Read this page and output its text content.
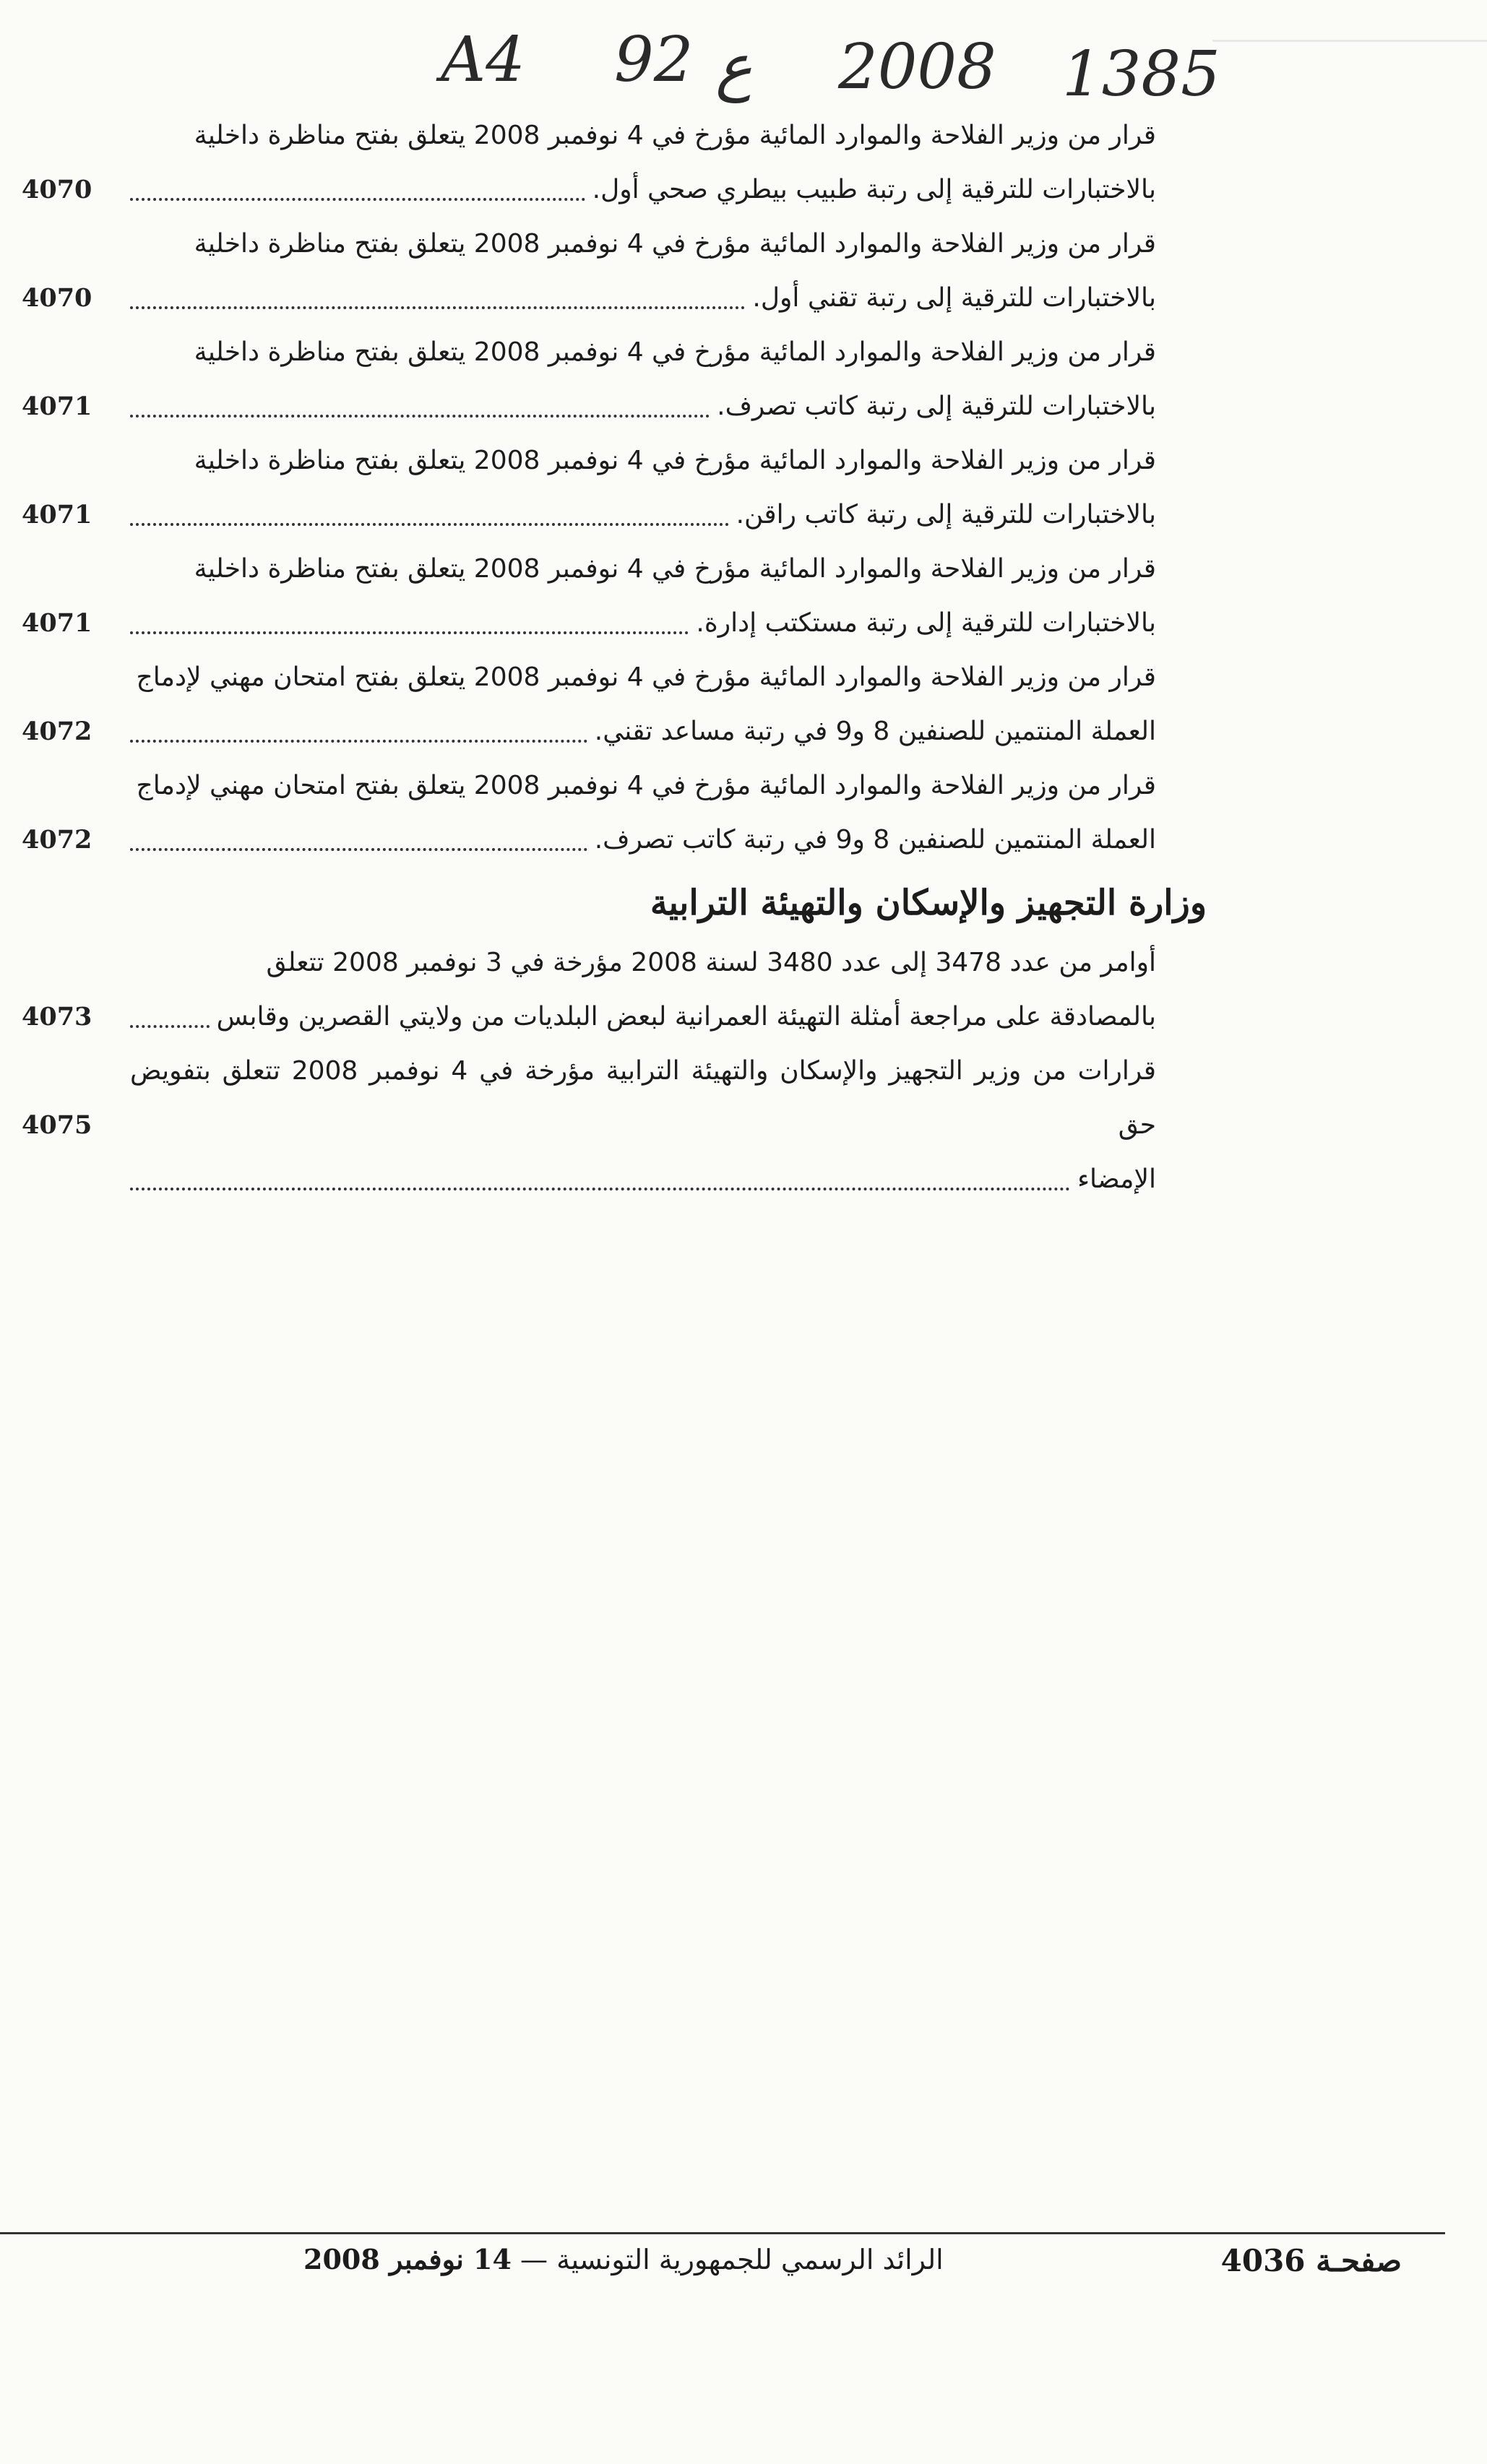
A4 92 ع 2008 1385
4070
قرار من وزير الفلاحة والموارد المائية مؤرخ في 4 نوفمبر 2008 يتعلق بفتح مناظرة داخلية
بالاختبارات للترقية إلى رتبة طبيب بيطري صحي أول.
4070
قرار من وزير الفلاحة والموارد المائية مؤرخ في 4 نوفمبر 2008 يتعلق بفتح مناظرة داخلية
بالاختبارات للترقية إلى رتبة تقني أول.
4071
قرار من وزير الفلاحة والموارد المائية مؤرخ في 4 نوفمبر 2008 يتعلق بفتح مناظرة داخلية
بالاختبارات للترقية إلى رتبة كاتب تصرف.
4071
قرار من وزير الفلاحة والموارد المائية مؤرخ في 4 نوفمبر 2008 يتعلق بفتح مناظرة داخلية
بالاختبارات للترقية إلى رتبة كاتب راقن.
4071
قرار من وزير الفلاحة والموارد المائية مؤرخ في 4 نوفمبر 2008 يتعلق بفتح مناظرة داخلية
بالاختبارات للترقية إلى رتبة مستكتب إدارة.
4072
قرار من وزير الفلاحة والموارد المائية مؤرخ في 4 نوفمبر 2008 يتعلق بفتح امتحان مهني لإدماج
العملة المنتمين للصنفين 8 و9 في رتبة مساعد تقني.
4072
قرار من وزير الفلاحة والموارد المائية مؤرخ في 4 نوفمبر 2008 يتعلق بفتح امتحان مهني لإدماج
العملة المنتمين للصنفين 8 و9 في رتبة كاتب تصرف.
وزارة التجهيز والإسكان والتهيئة الترابية
4073
أوامر من عدد 3478 إلى عدد 3480 لسنة 2008 مؤرخة في 3 نوفمبر 2008 تتعلق
بالمصادقة على مراجعة أمثلة التهيئة العمرانية لبعض البلديات من ولايتي القصرين وقابس
4075
قرارات من وزير التجهيز والإسكان والتهيئة الترابية مؤرخة في 4 نوفمبر 2008 تتعلق بتفويض حق
الإمضاء
الرائد الرسمي للجمهورية التونسية — 14 نوفمبر 2008	صفحـة 4036
